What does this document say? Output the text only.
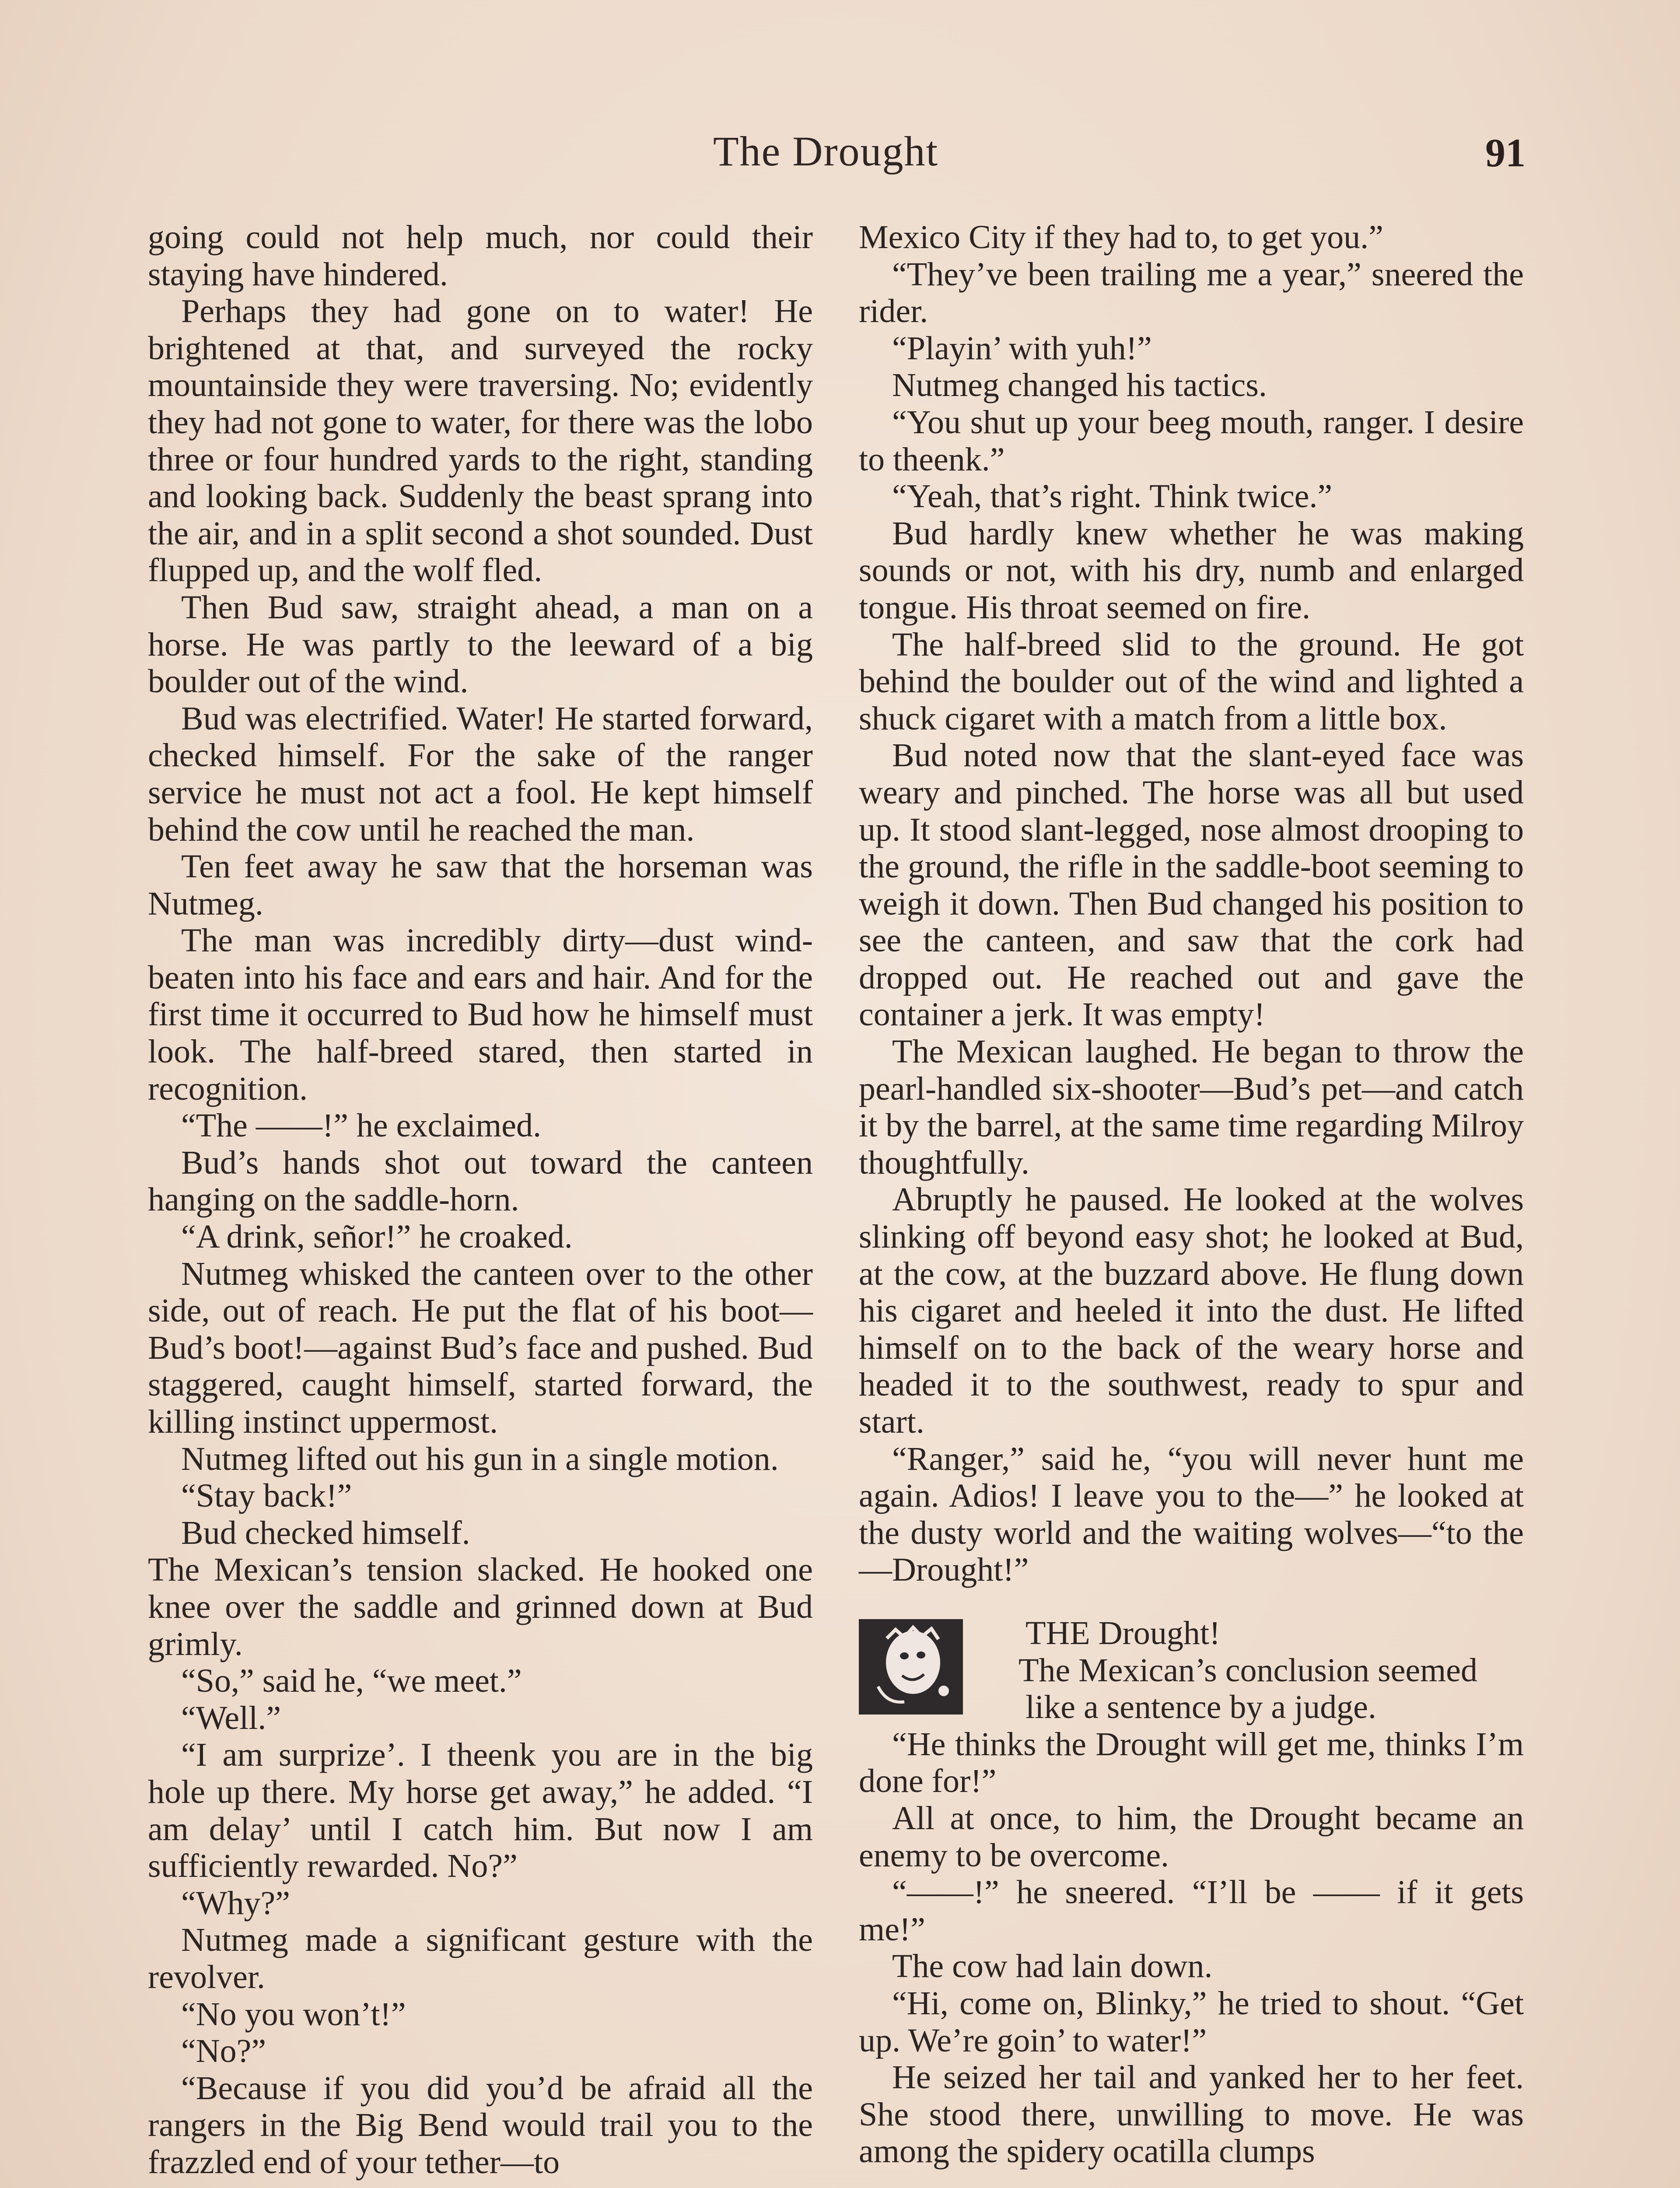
The Drought	91

going could not help much, nor could their staying have hindered.

Perhaps they had gone on to water! He brightened at that, and surveyed the rocky mountainside they were traversing. No; evidently they had not gone to water, for there was the lobo three or four hundred yards to the right, standing and looking back. Suddenly the beast sprang into the air, and in a split second a shot sounded. Dust flupped up, and the wolf fled.

Then Bud saw, straight ahead, a man on a horse. He was partly to the leeward of a big boulder out of the wind.

Bud was electrified. Water! He started forward, checked himself. For the sake of the ranger service he must not act a fool. He kept himself behind the cow until he reached the man.

Ten feet away he saw that the horseman was Nutmeg.

The man was incredibly dirty—dust wind-beaten into his face and ears and hair. And for the first time it occurred to Bud how he himself must look. The half-breed stared, then started in recognition.

“The ——!” he exclaimed.

Bud’s hands shot out toward the canteen hanging on the saddle-horn.

“A drink, señor!” he croaked.

Nutmeg whisked the canteen over to the other side, out of reach. He put the flat of his boot—Bud’s boot!—against Bud’s face and pushed. Bud staggered, caught himself, started forward, the killing instinct uppermost.

Nutmeg lifted out his gun in a single motion.

“Stay back!”

Bud checked himself.

The Mexican’s tension slacked. He hooked one knee over the saddle and grinned down at Bud grimly.

“So,” said he, “we meet.”

“Well.”

“I am surprize’. I theenk you are in the big hole up there. My horse get away,” he added. “I am delay’ until I catch him. But now I am sufficiently rewarded. No?”

“Why?”

Nutmeg made a significant gesture with the revolver.

“No you won’t!”

“No?”

“Because if you did you’d be afraid all the rangers in the Big Bend would trail you to the frazzled end of your tether—to

Mexico City if they had to, to get you.”

“They’ve been trailing me a year,” sneered the rider.

“Playin’ with yuh!”

Nutmeg changed his tactics.

“You shut up your beeg mouth, ranger. I desire to theenk.”

“Yeah, that’s right. Think twice.”

Bud hardly knew whether he was making sounds or not, with his dry, numb and enlarged tongue. His throat seemed on fire.

The half-breed slid to the ground. He got behind the boulder out of the wind and lighted a shuck cigaret with a match from a little box.

Bud noted now that the slant-eyed face was weary and pinched. The horse was all but used up. It stood slant-legged, nose almost drooping to the ground, the rifle in the saddle-boot seeming to weigh it down. Then Bud changed his position to see the canteen, and saw that the cork had dropped out. He reached out and gave the container a jerk. It was empty!

The Mexican laughed. He began to throw the pearl-handled six-shooter—Bud’s pet—and catch it by the barrel, at the same time regarding Milroy thoughtfully.

Abruptly he paused. He looked at the wolves slinking off beyond easy shot; he looked at Bud, at the cow, at the buzzard above. He flung down his cigaret and heeled it into the dust. He lifted himself on to the back of the weary horse and headed it to the southwest, ready to spur and start.

“Ranger,” said he, “you will never hunt me again. Adios! I leave you to the—” he looked at the dusty world and the waiting wolves—“to the—Drought!”

THE Drought!

The Mexican’s conclusion seemed

like a sentence by a judge.

“He thinks the Drought will get me, thinks I’m done for!”

All at once, to him, the Drought became an enemy to be overcome.

“——!” he sneered. “I’ll be —— if it gets me!”

The cow had lain down.

“Hi, come on, Blinky,” he tried to shout. “Get up. We’re goin’ to water!”

He seized her tail and yanked her to her feet. She stood there, unwilling to move. He was among the spidery ocatilla clumps
